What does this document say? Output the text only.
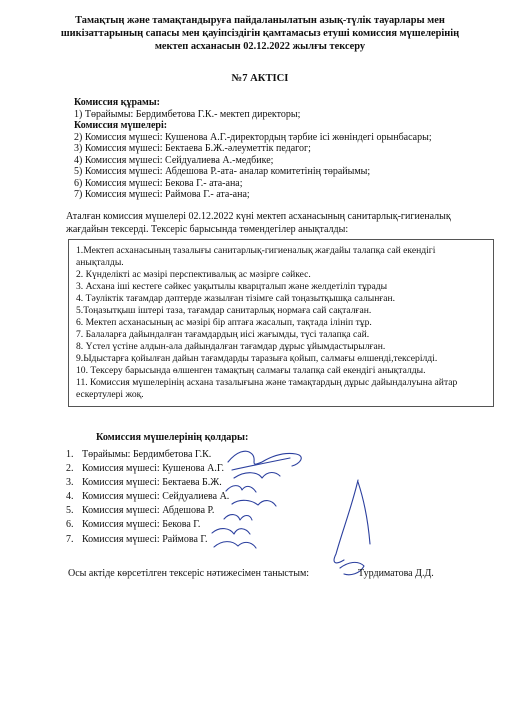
Тамақтың және тамақтандыруға пайдаланылатын азық-түлік тауарлары мен
шикізаттарының сапасы мен қауіпсіздігін қамтамасыз етуші комиссия мүшелерінің
мектеп асханасын 02.12.2022 жылғы тексеру
№7 АКТІСІ
Комиссия құрамы:
1) Төрайымы: Бердимбетова Г.К.- мектеп директоры;
Комиссия мүшелері:
2) Комиссия мүшесі: Кушенова А.Г.-директордың тәрбие ісі жөніндегі орынбасары;
3) Комиссия мүшесі: Бектаева Б.Ж.-әлеуметтік педагог;
4) Комиссия мүшесі: Сейдуалиева А.-медбике;
5) Комиссия мүшесі: Абдешова Р.-ата- аналар комитетінің төрайымы;
6) Комиссия мүшесі: Бекова Г.- ата-ана;
7) Комиссия мүшесі: Раймова Г.- ата-ана;
Аталған комиссия мүшелері 02.12.2022 күні мектеп асханасының санитарлық-гигиеналық
жағдайын тексерді. Тексеріс барысында төмендегілер анықталды:
1.Мектеп асханасының тазалығы санитарлық-гигиеналық жағдайы талапқа сай екендігі
анықталды.
2. Күнделікті ас мәзірі перспективалық ас мәзірге сәйкес.
3. Асхана іші кестеге сәйкес уақытылы кварцталып және желдетіліп тұрады
4. Тәуліктік тағамдар дәптерде жазылған тізімге сай тоңазытқышқа салынған.
5.Тоңазытқыш іштері таза, тағамдар санитарлық нормаға сай сақталған.
6. Мектеп асханасының ас мәзірі бір аптаға жасалып, тақтада ілініп тұр.
7. Балаларға дайындалған тағамдардың иісі жағымды, түсі талапқа сай.
8. Үстел үстіне алдын-ала дайындалған тағамдар дұрыс ұйымдастырылған.
9.Ыдыстарға қойылған дайын тағамдарды таразыға қойып, салмағы өлшенді,тексерілді.
10. Тексеру барысында өлшенген тамақтың салмағы талапқа сай екендігі анықталды.
11. Комиссия мүшелерінің асхана тазалығына және тамақтардың дұрыс дайындалуына айтар ескертулері жоқ.
Комиссия мүшелерінің қолдары:
1. Төрайымы: Бердимбетова Г.К.
2. Комиссия мүшесі: Кушенова А.Г.
3. Комиссия мүшесі: Бектаева Б.Ж.
4. Комиссия мүшесі: Сейдуалиева А.
5. Комиссия мүшесі: Абдешова Р.
6. Комиссия мүшесі: Бекова Г.
7. Комиссия мүшесі: Раймова Г.
Осы актіде көрсетілген тексеріс нәтижесімен таныстым:	Турдиматова Д.Д.
